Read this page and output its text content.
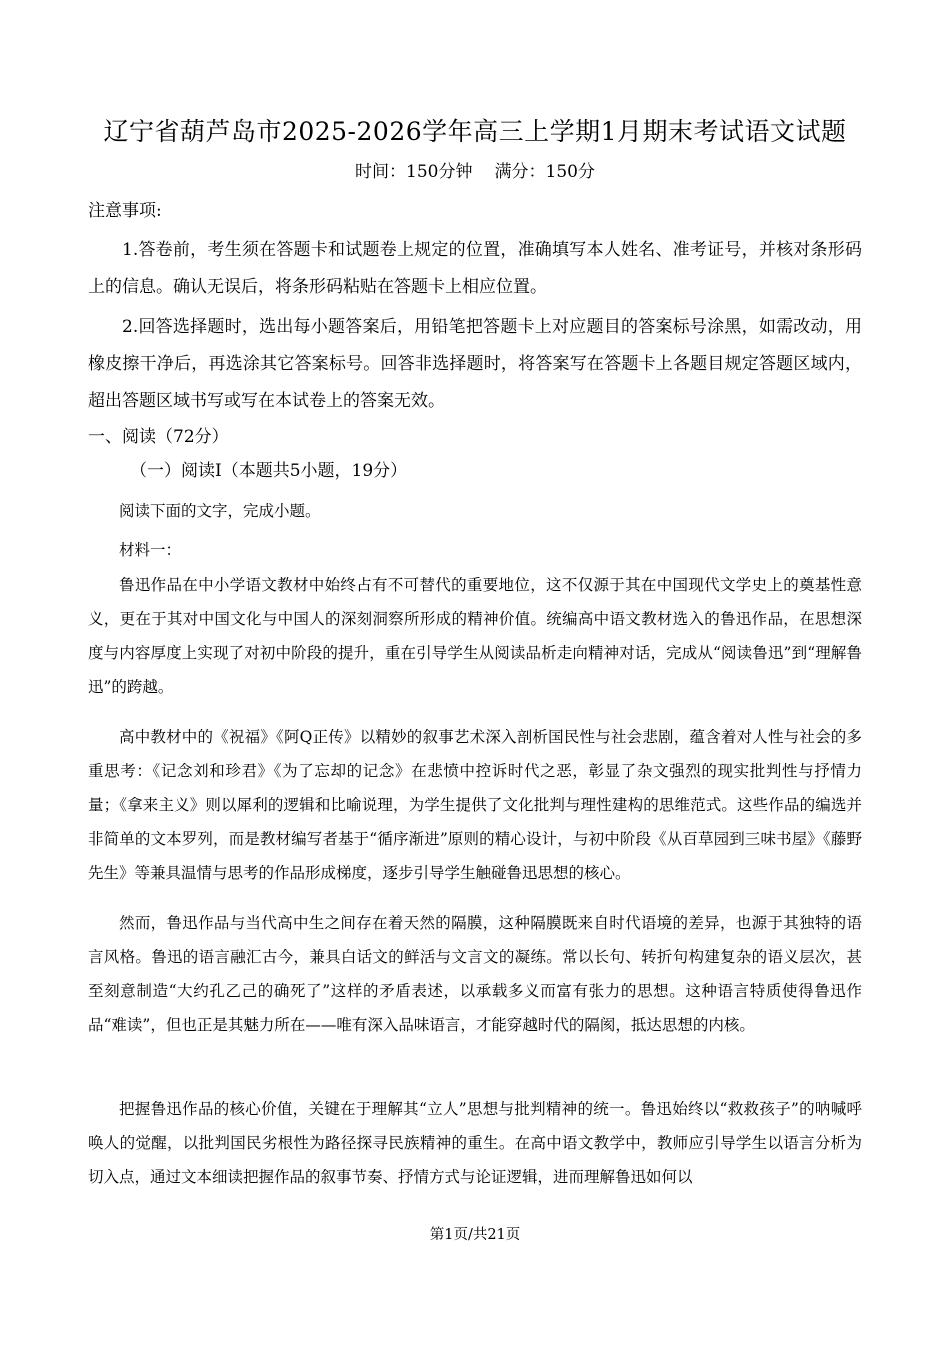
辽宁省葫芦岛市2025-2026学年高三上学期1月期末考试语文试题
时间：150分钟 满分：150分
注意事项:
1.答卷前，考生须在答题卡和试题卷上规定的位置，准确填写本人姓名、准考证号，并核对条形码上的信息。确认无误后，将条形码粘贴在答题卡上相应位置。
2.回答选择题时，选出每小题答案后，用铅笔把答题卡上对应题目的答案标号涂黑，如需改动，用橡皮擦干净后，再选涂其它答案标号。回答非选择题时，将答案写在答题卡上各题目规定答题区域内，超出答题区域书写或写在本试卷上的答案无效。
一、阅读（72分）
（一）阅读Ⅰ（本题共5小题，19分）
阅读下面的文字，完成小题。
材料一：
鲁迅作品在中小学语文教材中始终占有不可替代的重要地位，这不仅源于其在中国现代文学史上的奠基性意义，更在于其对中国文化与中国人的深刻洞察所形成的精神价值。统编高中语文教材选入的鲁迅作品，在思想深度与内容厚度上实现了对初中阶段的提升，重在引导学生从阅读品析走向精神对话，完成从“阅读鲁迅”到“理解鲁迅”的跨越。
高中教材中的《祝福》《阿Q正传》以精妙的叙事艺术深入剖析国民性与社会悲剧，蕴含着对人性与社会的多重思考：《记念刘和珍君》《为了忘却的记念》在悲愤中控诉时代之恶，彰显了杂文强烈的现实批判性与抒情力量；《拿来主义》则以犀利的逻辑和比喻说理，为学生提供了文化批判与理性建构的思维范式。这些作品的编选并非简单的文本罗列，而是教材编写者基于“循序渐进”原则的精心设计，与初中阶段《从百草园到三味书屋》《藤野先生》等兼具温情与思考的作品形成梯度，逐步引导学生触碰鲁迅思想的核心。
然而，鲁迅作品与当代高中生之间存在着天然的隔膜，这种隔膜既来自时代语境的差异，也源于其独特的语言风格。鲁迅的语言融汇古今，兼具白话文的鲜活与文言文的凝练。常以长句、转折句构建复杂的语义层次，甚至刻意制造“大约孔乙己的确死了”这样的矛盾表述，以承载多义而富有张力的思想。这种语言特质使得鲁迅作品“难读”，但也正是其魅力所在——唯有深入品味语言，才能穿越时代的隔阂，抵达思想的内核。
把握鲁迅作品的核心价值，关键在于理解其“立人”思想与批判精神的统一。鲁迅始终以“救救孩子”的呐喊呼唤人的觉醒，以批判国民劣根性为路径探寻民族精神的重生。在高中语文教学中，教师应引导学生以语言分析为切入点，通过文本细读把握作品的叙事节奏、抒情方式与论证逻辑，进而理解鲁迅如何以
第1页/共21页
